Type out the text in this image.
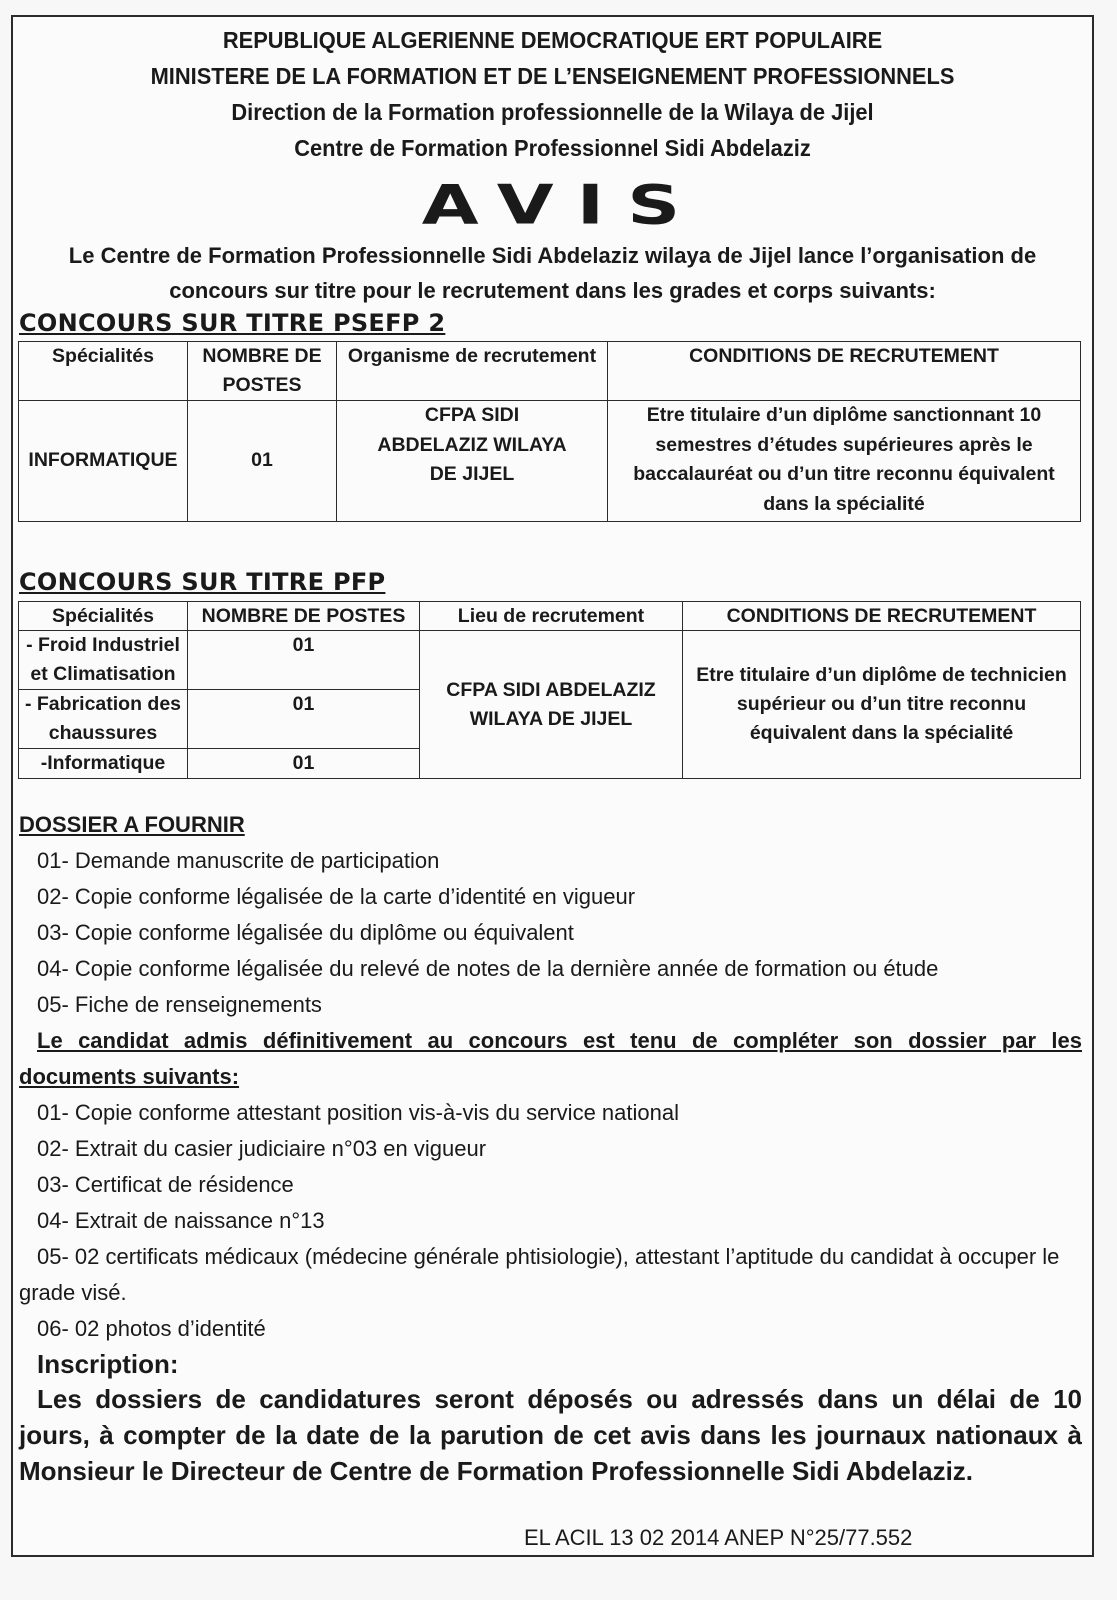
REPUBLIQUE ALGERIENNE DEMOCRATIQUE ERT POPULAIRE
MINISTERE DE LA FORMATION ET DE L’ENSEIGNEMENT PROFESSIONNELS
Direction de la Formation professionnelle de la Wilaya de Jijel
Centre de Formation Professionnel Sidi Abdelaziz
AVIS
Le Centre de Formation Professionnelle Sidi Abdelaziz wilaya de Jijel lance l’organisation de concours sur titre pour le recrutement dans les grades et corps suivants:
CONCOURS SUR TITRE PSEFP 2
Spécialités	NOMBRE DE POSTES	Organisme de recrutement	CONDITIONS DE RECRUTEMENT
INFORMATIQUE	01	CFPA SIDI ABDELAZIZ WILAYA DE JIJEL	Etre titulaire d’un diplôme sanctionnant 10 semestres d’études supérieures après le baccalauréat ou d’un titre reconnu équivalent dans la spécialité
CONCOURS SUR TITRE PFP
Spécialités	NOMBRE DE POSTES	Lieu de recrutement	CONDITIONS DE RECRUTEMENT
- Froid Industriel et Climatisation	01	CFPA SIDI ABDELAZIZ WILAYA DE JIJEL	Etre titulaire d’un diplôme de technicien supérieur ou d’un titre reconnu équivalent dans la spécialité
- Fabrication des chaussures	01		
-Informatique	01		
DOSSIER A FOURNIR
01- Demande manuscrite de participation
02- Copie conforme légalisée de la carte d’identité en vigueur
03- Copie conforme légalisée du diplôme ou équivalent
04- Copie conforme légalisée du relevé de notes de la dernière année de formation ou étude
05- Fiche de renseignements
Le candidat admis définitivement au concours est tenu de compléter son dossier par les documents suivants:
01- Copie conforme attestant position vis-à-vis du service national
02- Extrait du casier judiciaire n°03 en vigueur
03- Certificat de résidence
04- Extrait de naissance n°13
05- 02 certificats médicaux (médecine générale phtisiologie), attestant l’aptitude du candidat à occuper le grade visé.
06- 02 photos d’identité
Inscription:
Les dossiers de candidatures seront déposés ou adressés dans un délai de 10 jours, à compter de la date de la parution de cet avis dans les journaux nationaux à Monsieur le Directeur de Centre de Formation Professionnelle Sidi Abdelaziz.
EL ACIL 13 02 2014 ANEP N°25/77.552
